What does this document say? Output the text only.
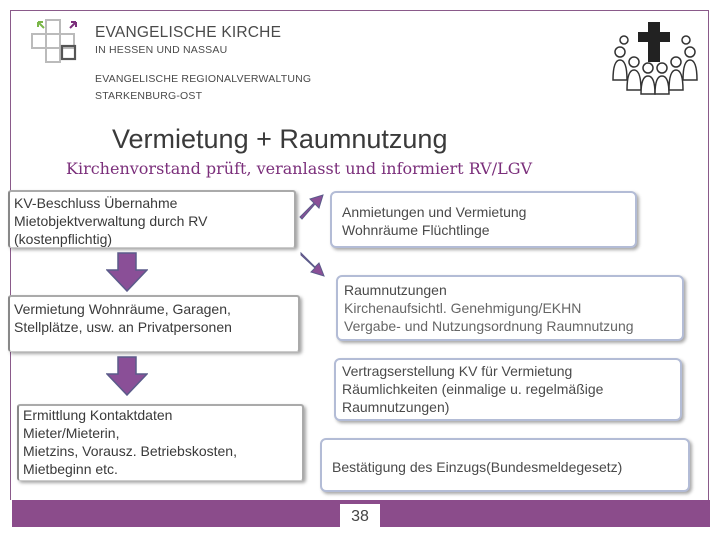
EVANGELISCHE KIRCHE
IN HESSEN UND NASSAU
EVANGELISCHE REGIONALVERWALTUNG
STARKENBURG-OST
Vermietung + Raumnutzung
Kirchenvorstand prüft, veranlasst und informiert RV/LGV
KV-Beschluss Übernahme
Mietobjektverwaltung durch RV
(kostenpflichtig)
Vermietung Wohnräume, Garagen,
Stellplätze, usw. an Privatpersonen
Ermittlung Kontaktdaten
Mieter/Mieterin,
Mietzins, Vorausz. Betriebskosten,
Mietbeginn etc.
Anmietungen und Vermietung
Wohnräume Flüchtlinge
Raumnutzungen
Kirchenaufsichtl. Genehmigung/EKHN
Vergabe- und Nutzungsordnung Raumnutzung
Vertragserstellung KV für Vermietung
Räumlichkeiten (einmalige u. regelmäßige
Raumnutzungen)
Bestätigung des Einzugs(Bundesmeldegesetz)
38
